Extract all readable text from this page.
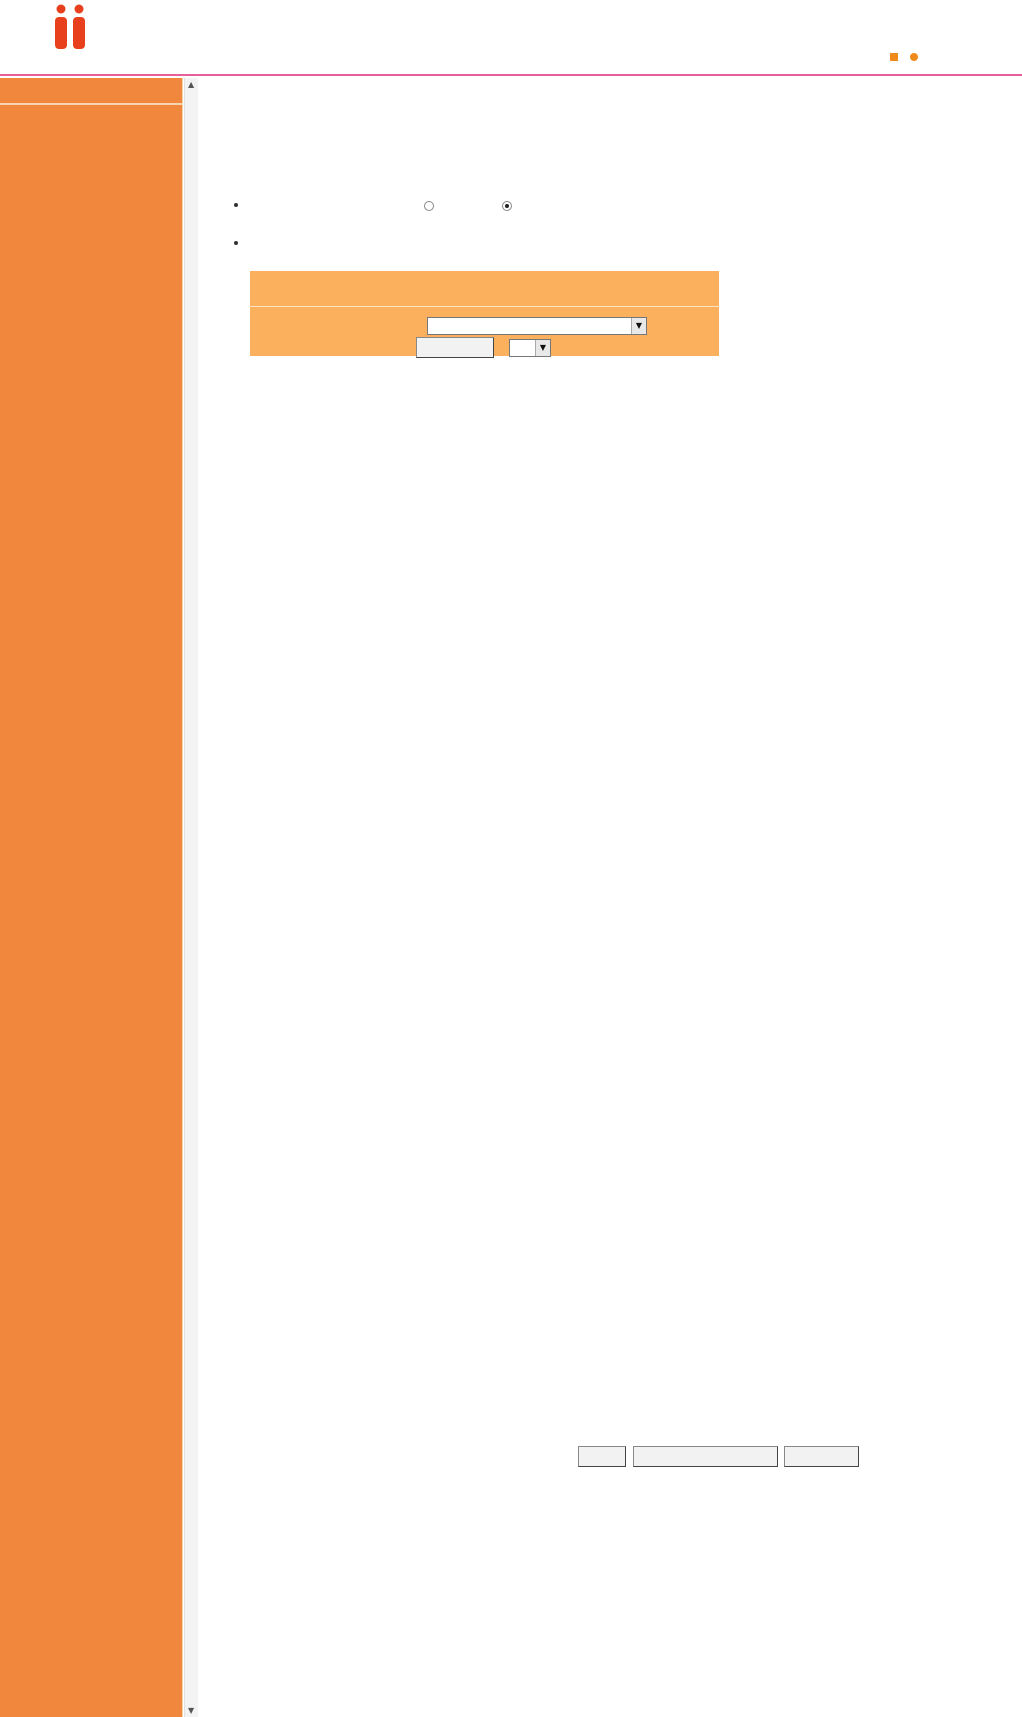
▲
▼
▼
▼
